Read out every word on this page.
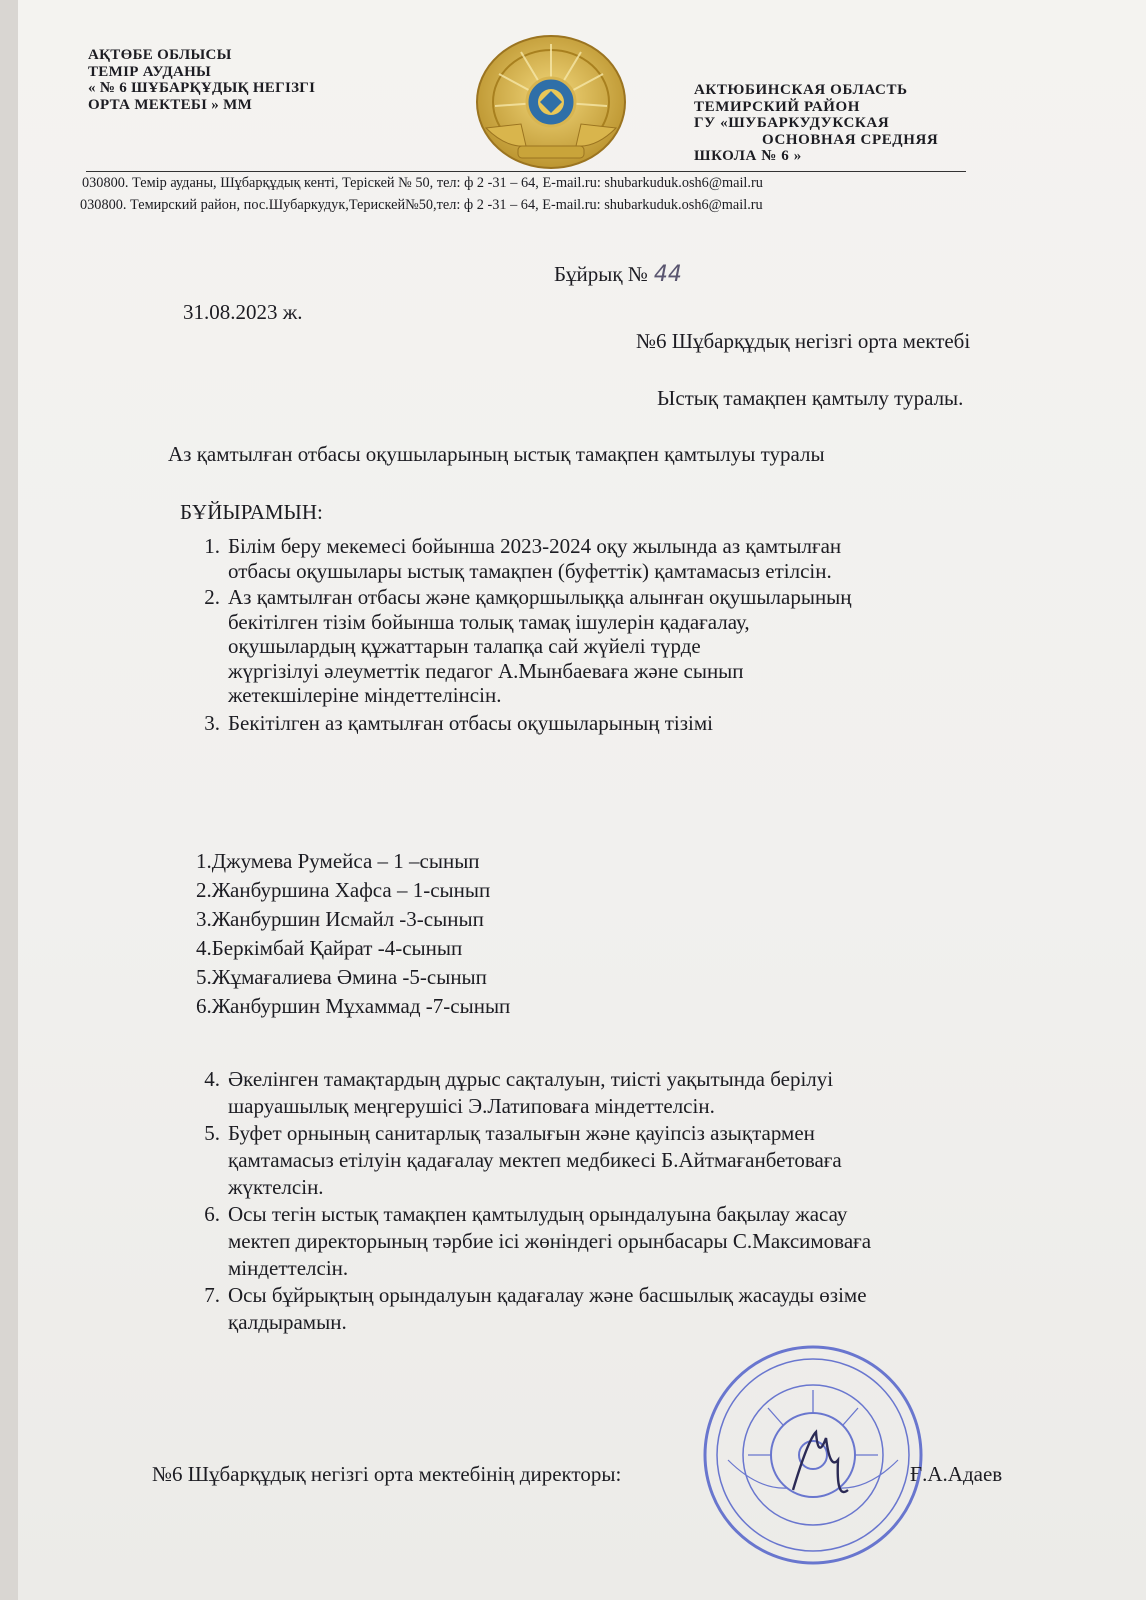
АҚТӨБЕ ОБЛЫСЫ
ТЕМІР АУДАНЫ
« № 6 ШҰБАРҚҰДЫҚ НЕГІЗГІ
ОРТА МЕКТЕБІ » ММ
АКТЮБИНСКАЯ ОБЛАСТЬ
ТЕМИРСКИЙ РАЙОН
ГУ «ШУБАРКУДУКСКАЯ
ОСНОВНАЯ СРЕДНЯЯ
ШКОЛА № 6 »
030800. Темір ауданы, Шұбарқұдық кенті, Терiскей № 50, тел: ф 2 -31 – 64, E-mail.ru: shubarkuduk.osh6@mail.ru
030800. Темирский район, пос.Шубаркудук,Терискей№50,тел: ф 2 -31 – 64, E-mail.ru: shubarkuduk.osh6@mail.ru
Бұйрық № 44
31.08.2023 ж.
№6 Шұбарқұдық негізгі орта мектебі
Ыстық тамақпен қамтылу туралы.
Аз қамтылған отбасы оқушыларының ыстық тамақпен қамтылуы туралы
БҰЙЫРАМЫН:
1. Білім беру мекемесі бойынша 2023-2024 оқу жылында аз қамтылған
отбасы оқушылары ыстық тамақпен (буфеттік) қамтамасыз етілсін.
2. Аз қамтылған отбасы және қамқоршылыққа алынған оқушыларының
бекітілген тізім бойынша толық тамақ ішулерін қадағалау,
оқушылардың құжаттарын талапқа сай жүйелі түрде
жүргізілуі әлеуметтік педагог А.Мынбаеваға және сынып
жетекшілеріне міндеттелінсін.
3. Бекітілген аз қамтылған отбасы оқушыларының тізімі
1.Джумева Румейса – 1 –сынып
2.Жанбуршина Хафса – 1-сынып
3.Жанбуршин Исмайл -3-сынып
4.Беркімбай Қайрат -4-сынып
5.Жұмағалиева Әмина -5-сынып
6.Жанбуршин Мұхаммад -7-сынып
4. Әкелінген тамақтардың дұрыс сақталуын, тиісті уақытында берілуі
шаруашылық меңгерушісі Э.Латиповаға міндеттелсін.
5. Буфет орнының санитарлық тазалығын және қауіпсіз азықтармен
қамтамасыз етілуін қадағалау мектеп медбикесі Б.Айтмағанбетоваға
жүктелсін.
6. Осы тегін ыстық тамақпен қамтылудың орындалуына бақылау жасау
мектеп директорының тәрбие ісі жөніндегі орынбасары С.Максимоваға
міндеттелсін.
7. Осы бұйрықтың орындалуын қадағалау және басшылық жасауды өзіме
қалдырамын.
№6 Шұбарқұдық негізгі орта мектебінің директоры:	Ғ.А.Адаев
